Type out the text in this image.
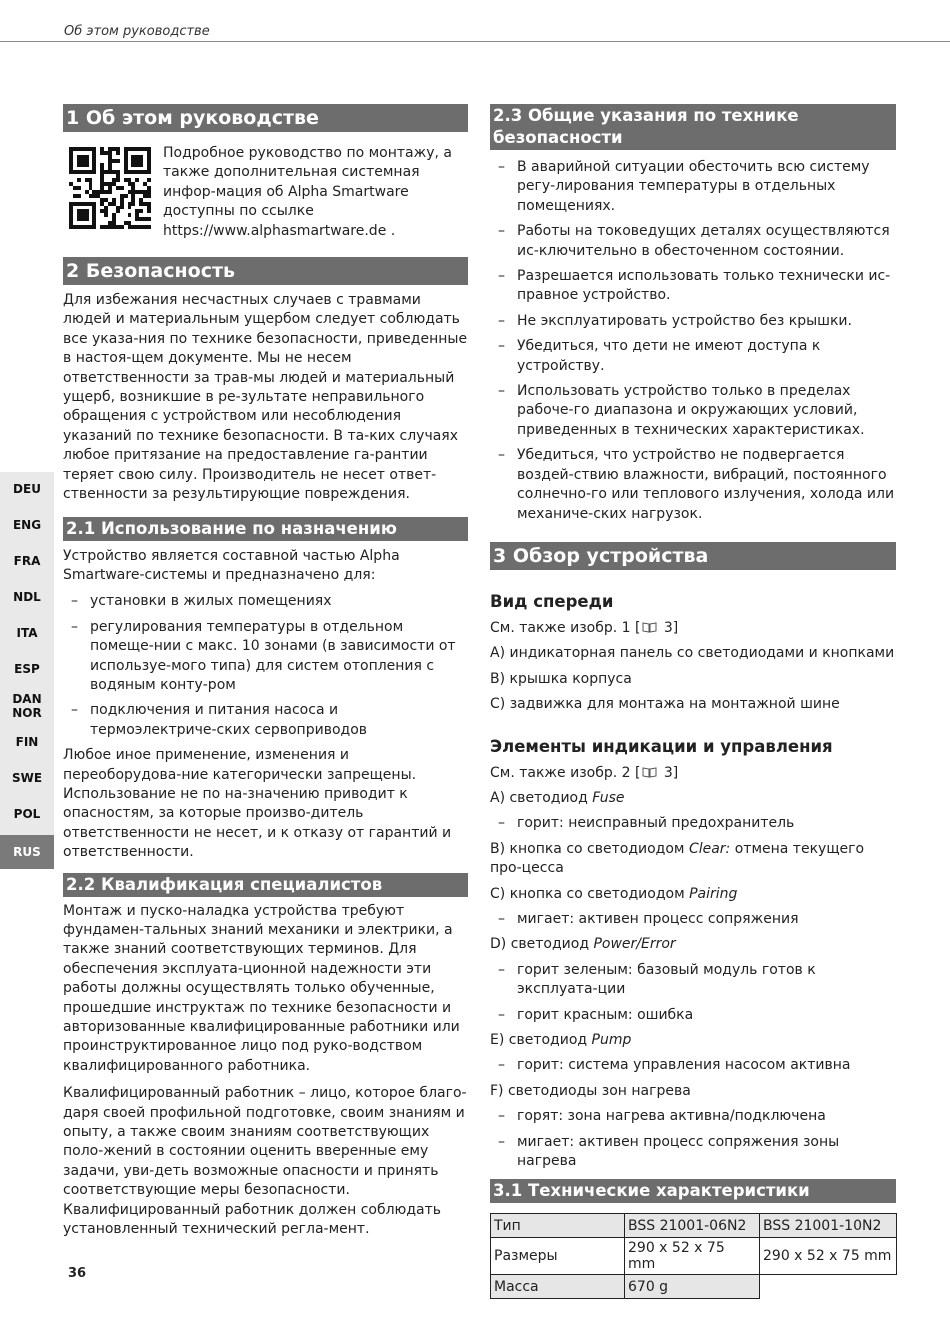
Об этом руководстве
DEU
ENG
FRA
NDL
ITA
ESP
DAN
NOR
FIN
SWE
POL
RUS
1 Об этом руководстве

Подробное руководство по монтажу, а также дополнительная системная инфор-мация об Alpha Smartware доступны по ссылке

https://www.alphasmartware.de .

2 Безопасность

Для избежания несчастных случаев с травмами людей и материальным ущербом следует соблюдать все указа-ния по технике безопасности, приведенные в настоя-щем документе. Мы не несем ответственности за трав-мы людей и материальный ущерб, возникшие в ре-зультате неправильного обращения с устройством или несоблюдения указаний по технике безопасности. В та-ких случаях любое притязание на предоставление га-рантии теряет свою силу. Производитель не несет ответ-ственности за результирующие повреждения.

2.1 Использование по назначению

Устройство является составной частью Alpha Smartware-системы и предназначено для:

– установки в жилых помещениях
– регулирования температуры в отдельном помеще-нии с макс. 10 зонами (в зависимости от используе-мого типа) для систем отопления с водяным конту-ром
– подключения и питания насоса и термоэлектриче-ских сервоприводов

Любое иное применение, изменения и переоборудова-ние категорически запрещены. Использование не по на-значению приводит к опасностям, за которые произво-дитель ответственности не несет, и к отказу от гарантий и ответственности.

2.2 Квалификация специалистов

Монтаж и пуско-наладка устройства требуют фундамен-тальных знаний механики и электрики, а также знаний соответствующих терминов. Для обеспечения эксплуата-ционной надежности эти работы должны осуществлять только обученные, прошедшие инструктаж по технике безопасности и авторизованные квалифицированные работники или проинструктированное лицо под руко-водством квалифицированного работника.

Квалифицированный работник – лицо, которое благо-даря своей профильной подготовке, своим знаниям и опыту, а также своим знаниям соответствующих поло-жений в состоянии оценить вверенные ему задачи, уви-деть возможные опасности и принять соответствующие меры безопасности. Квалифицированный работник должен соблюдать установленный технический регла-мент.

2.3 Общие указания по технике безопасности
– В аварийной ситуации обесточить всю систему регу-лирования температуры в отдельных помещениях.
– Работы на токоведущих деталях осуществляются ис-ключительно в обесточенном состоянии.
– Разрешается использовать только технически ис-правное устройство.
– Не эксплуатировать устройство без крышки.
– Убедиться, что дети не имеют доступа к устройству.
– Использовать устройство только в пределах рабоче-го диапазона и окружающих условий, приведенных в технических характеристиках.
– Убедиться, что устройство не подвергается воздей-ствию влажности, вибраций, постоянного солнечно-го или теплового излучения, холода или механиче-ских нагрузок.
3 Обзор устройства
Вид спереди

См. также изобр. 1 [ 3]

A) индикаторная панель со светодиодами и кнопками

B) крышка корпуса

C) задвижка для монтажа на монтажной шине

Элементы индикации и управления

См. также изобр. 2 [ 3]

A) светодиод Fuse

– горит: неисправный предохранитель

B) кнопка со светодиодом Clear: отмена текущего про-цесса

C) кнопка со светодиодом Pairing

– мигает: активен процесс сопряжения

D) светодиод Power/Error

– горит зеленым: базовый модуль готов к эксплуата-ции
– горит красным: ошибка

E) светодиод Pump

– горит: система управления насосом активна

F) светодиоды зон нагрева

– горят: зона нагрева активна/подключена
– мигает: активен процесс сопряжения зоны нагрева
3.1 Технические характеристики
Тип	BSS 21001-06N2	BSS 21001-10N2
Размеры	290 x 52 x 75 mm	290 x 52 x 75 mm
Масса	670 g	
36
